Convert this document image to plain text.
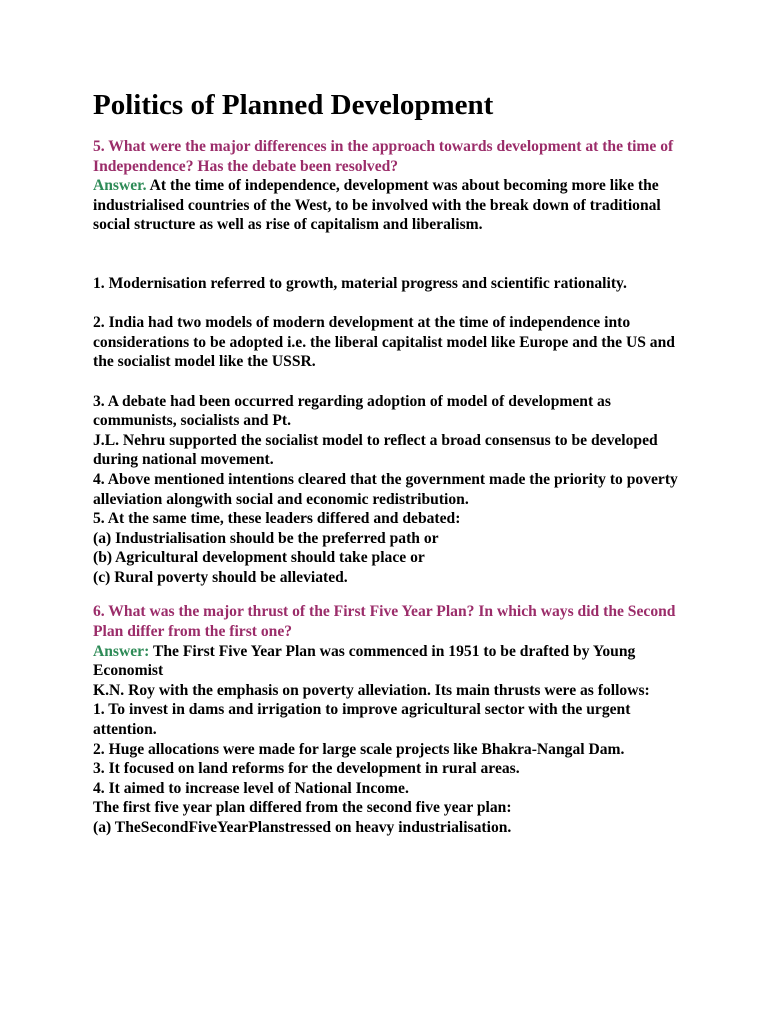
Politics of Planned Development

5. What were the major differences in the approach towards development at the time of Independence? Has the debate been resolved?

Answer. At the time of independence, development was about becoming more like the industrialised countries of the West, to be involved with the break down of traditional social structure as well as rise of capitalism and liberalism.

1. Modernisation referred to growth, material progress and scientific rationality.

2. India had two models of modern development at the time of independence into considerations to be adopted i.e. the liberal capitalist model like Europe and the US and the socialist model like the USSR.

3. A debate had been occurred regarding adoption of model of development as communists, socialists and Pt.
J.L. Nehru supported the socialist model to reflect a broad consensus to be developed during national movement.
4. Above mentioned intentions cleared that the government made the priority to poverty alleviation alongwith social and economic redistribution.
5. At the same time, these leaders differed and debated:
(a) Industrialisation should be the preferred path or
(b) Agricultural development should take place or
(c) Rural poverty should be alleviated.

6. What was the major thrust of the First Five Year Plan? In which ways did the Second Plan differ from the first one?

Answer: The First Five Year Plan was commenced in 1951 to be drafted by Young Economist

K.N. Roy with the emphasis on poverty alleviation. Its main thrusts were as follows:
1. To invest in dams and irrigation to improve agricultural sector with the urgent attention.
2. Huge allocations were made for large scale projects like Bhakra-Nangal Dam.
3. It focused on land reforms for the development in rural areas.
4. It aimed to increase level of National Income.
The first five year plan differed from the second five year plan:
(a) TheSecondFiveYearPlanstressed on heavy industrialisation.
